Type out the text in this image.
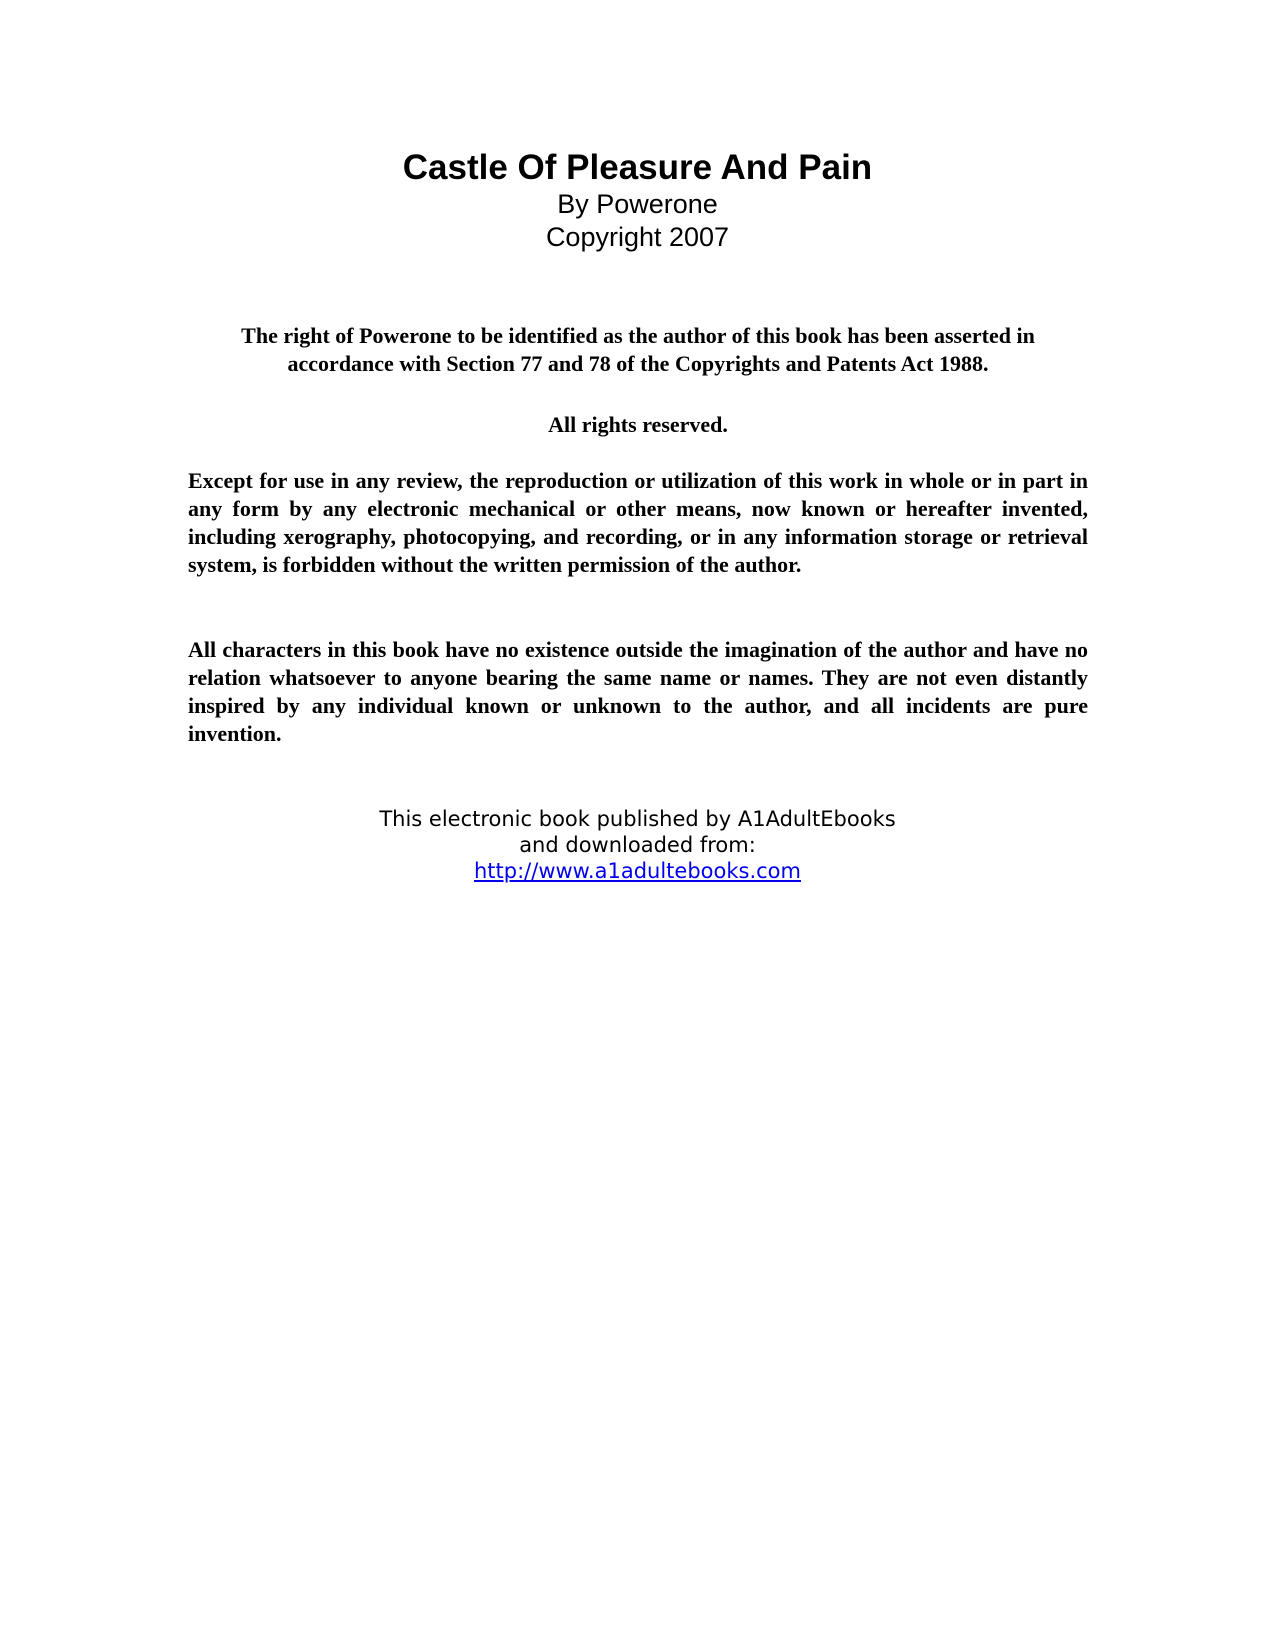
Castle Of Pleasure And Pain

By Powerone

Copyright 2007

The right of Powerone to be identified as the author of this book has been asserted in accordance with Section 77 and 78 of the Copyrights and Patents Act 1988.

All rights reserved.

Except for use in any review, the reproduction or utilization of this work in whole or in part in any form by any electronic mechanical or other means, now known or hereafter invented, including xerography, photocopying, and recording, or in any information storage or retrieval system, is forbidden without the written permission of the author.

All characters in this book have no existence outside the imagination of the author and have no relation whatsoever to anyone bearing the same name or names. They are not even distantly inspired by any individual known or unknown to the author, and all incidents are pure invention.

This electronic book published by A1AdultEbooks

and downloaded from:

http://www.a1adultebooks.com
